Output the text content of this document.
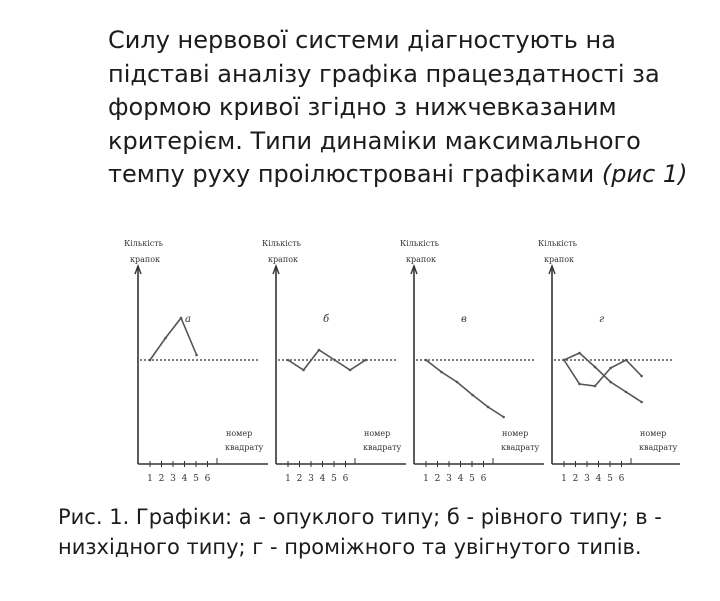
Силу нервової системи діагностують на підставі аналізу графіка працездатності за формою кривої згідно з нижчевказаним критерієм. Типи динаміки максимального темпу руху проілюстровані графіками (рис 1)

Кількість
крапок
1 2 3 4 5 6
номер
квадрату
а
Кількість
крапок
1 2 3 4 5 6
номер
квадрату
б
Кількість
крапок
1 2 3 4 5 6
номер
квадрату
в
Кількість
крапок
1 2 3 4 5 6
номер
квадрату
г

Рис. 1. Графіки: а - опуклого типу; б - рівного типу; в - низхідного типу; г - проміжного та увігнутого типів.
